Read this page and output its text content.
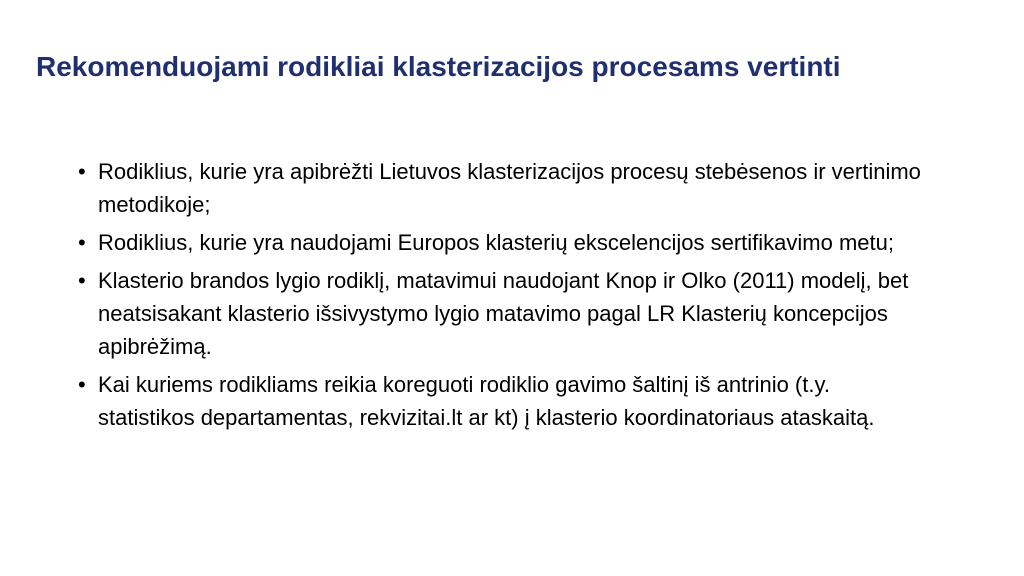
Rekomenduojami rodikliai klasterizacijos procesams vertinti
• Rodiklius, kurie yra apibrėžti Lietuvos klasterizacijos procesų stebėsenos ir vertinimo metodikoje;
• Rodiklius, kurie yra naudojami Europos klasterių ekscelencijos sertifikavimo metu;
• Klasterio brandos lygio rodiklį, matavimui naudojant Knop ir Olko (2011) modelį, bet neatsisakant klasterio išsivystymo lygio matavimo pagal LR Klasterių koncepcijos apibrėžimą.
• Kai kuriems rodikliams reikia koreguoti rodiklio gavimo šaltinį iš antrinio (t.y. statistikos departamentas, rekvizitai.lt ar kt) į klasterio koordinatoriaus ataskaitą.
